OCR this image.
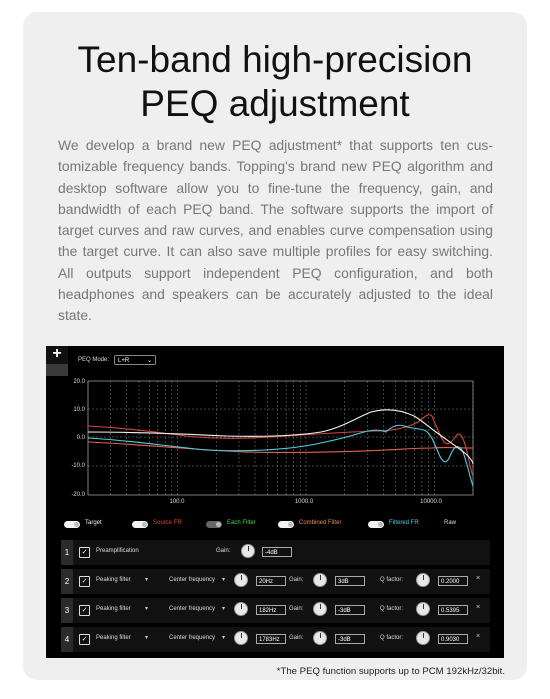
Ten-band high-precision
PEQ adjustment
We develop a brand new PEQ adjustment* that supports ten cus-tomizable frequency bands. Topping's brand new PEQ algorithm and desktop software allow you to fine-tune the frequency, gain, and bandwidth of each PEQ band. The software supports the import of target curves and raw curves, and enables curve compensation using the target curve. It can also save multiple profiles for easy switching. All outputs support independent PEQ configuration, and both headphones and speakers can be accurately adjusted to the ideal state.
+	PEQ Mode:	L+R	⌄
20.0
10.0
0.0
-10.0
-20.0
100.0	1000.0	10000.0
Target	Source FR	Each Filter	Combined Filter	Filtered FR	Raw
1	✓	Preamplification	Gain:	-4dB
2	✓	Peaking filter ▾	Center frequency ▾	20Hz	Gain:	3dB	Q factor:	0.2000	×
3	✓	Peaking filter ▾	Center frequency ▾	182Hz	Gain:	-3dB	Q factor:	0.5395	×
4	✓	Peaking filter ▾	Center frequency ▾	1783Hz	Gain:	-3dB	Q factor:	0.9030	×
*The PEQ function supports up to PCM 192kHz/32bit.
